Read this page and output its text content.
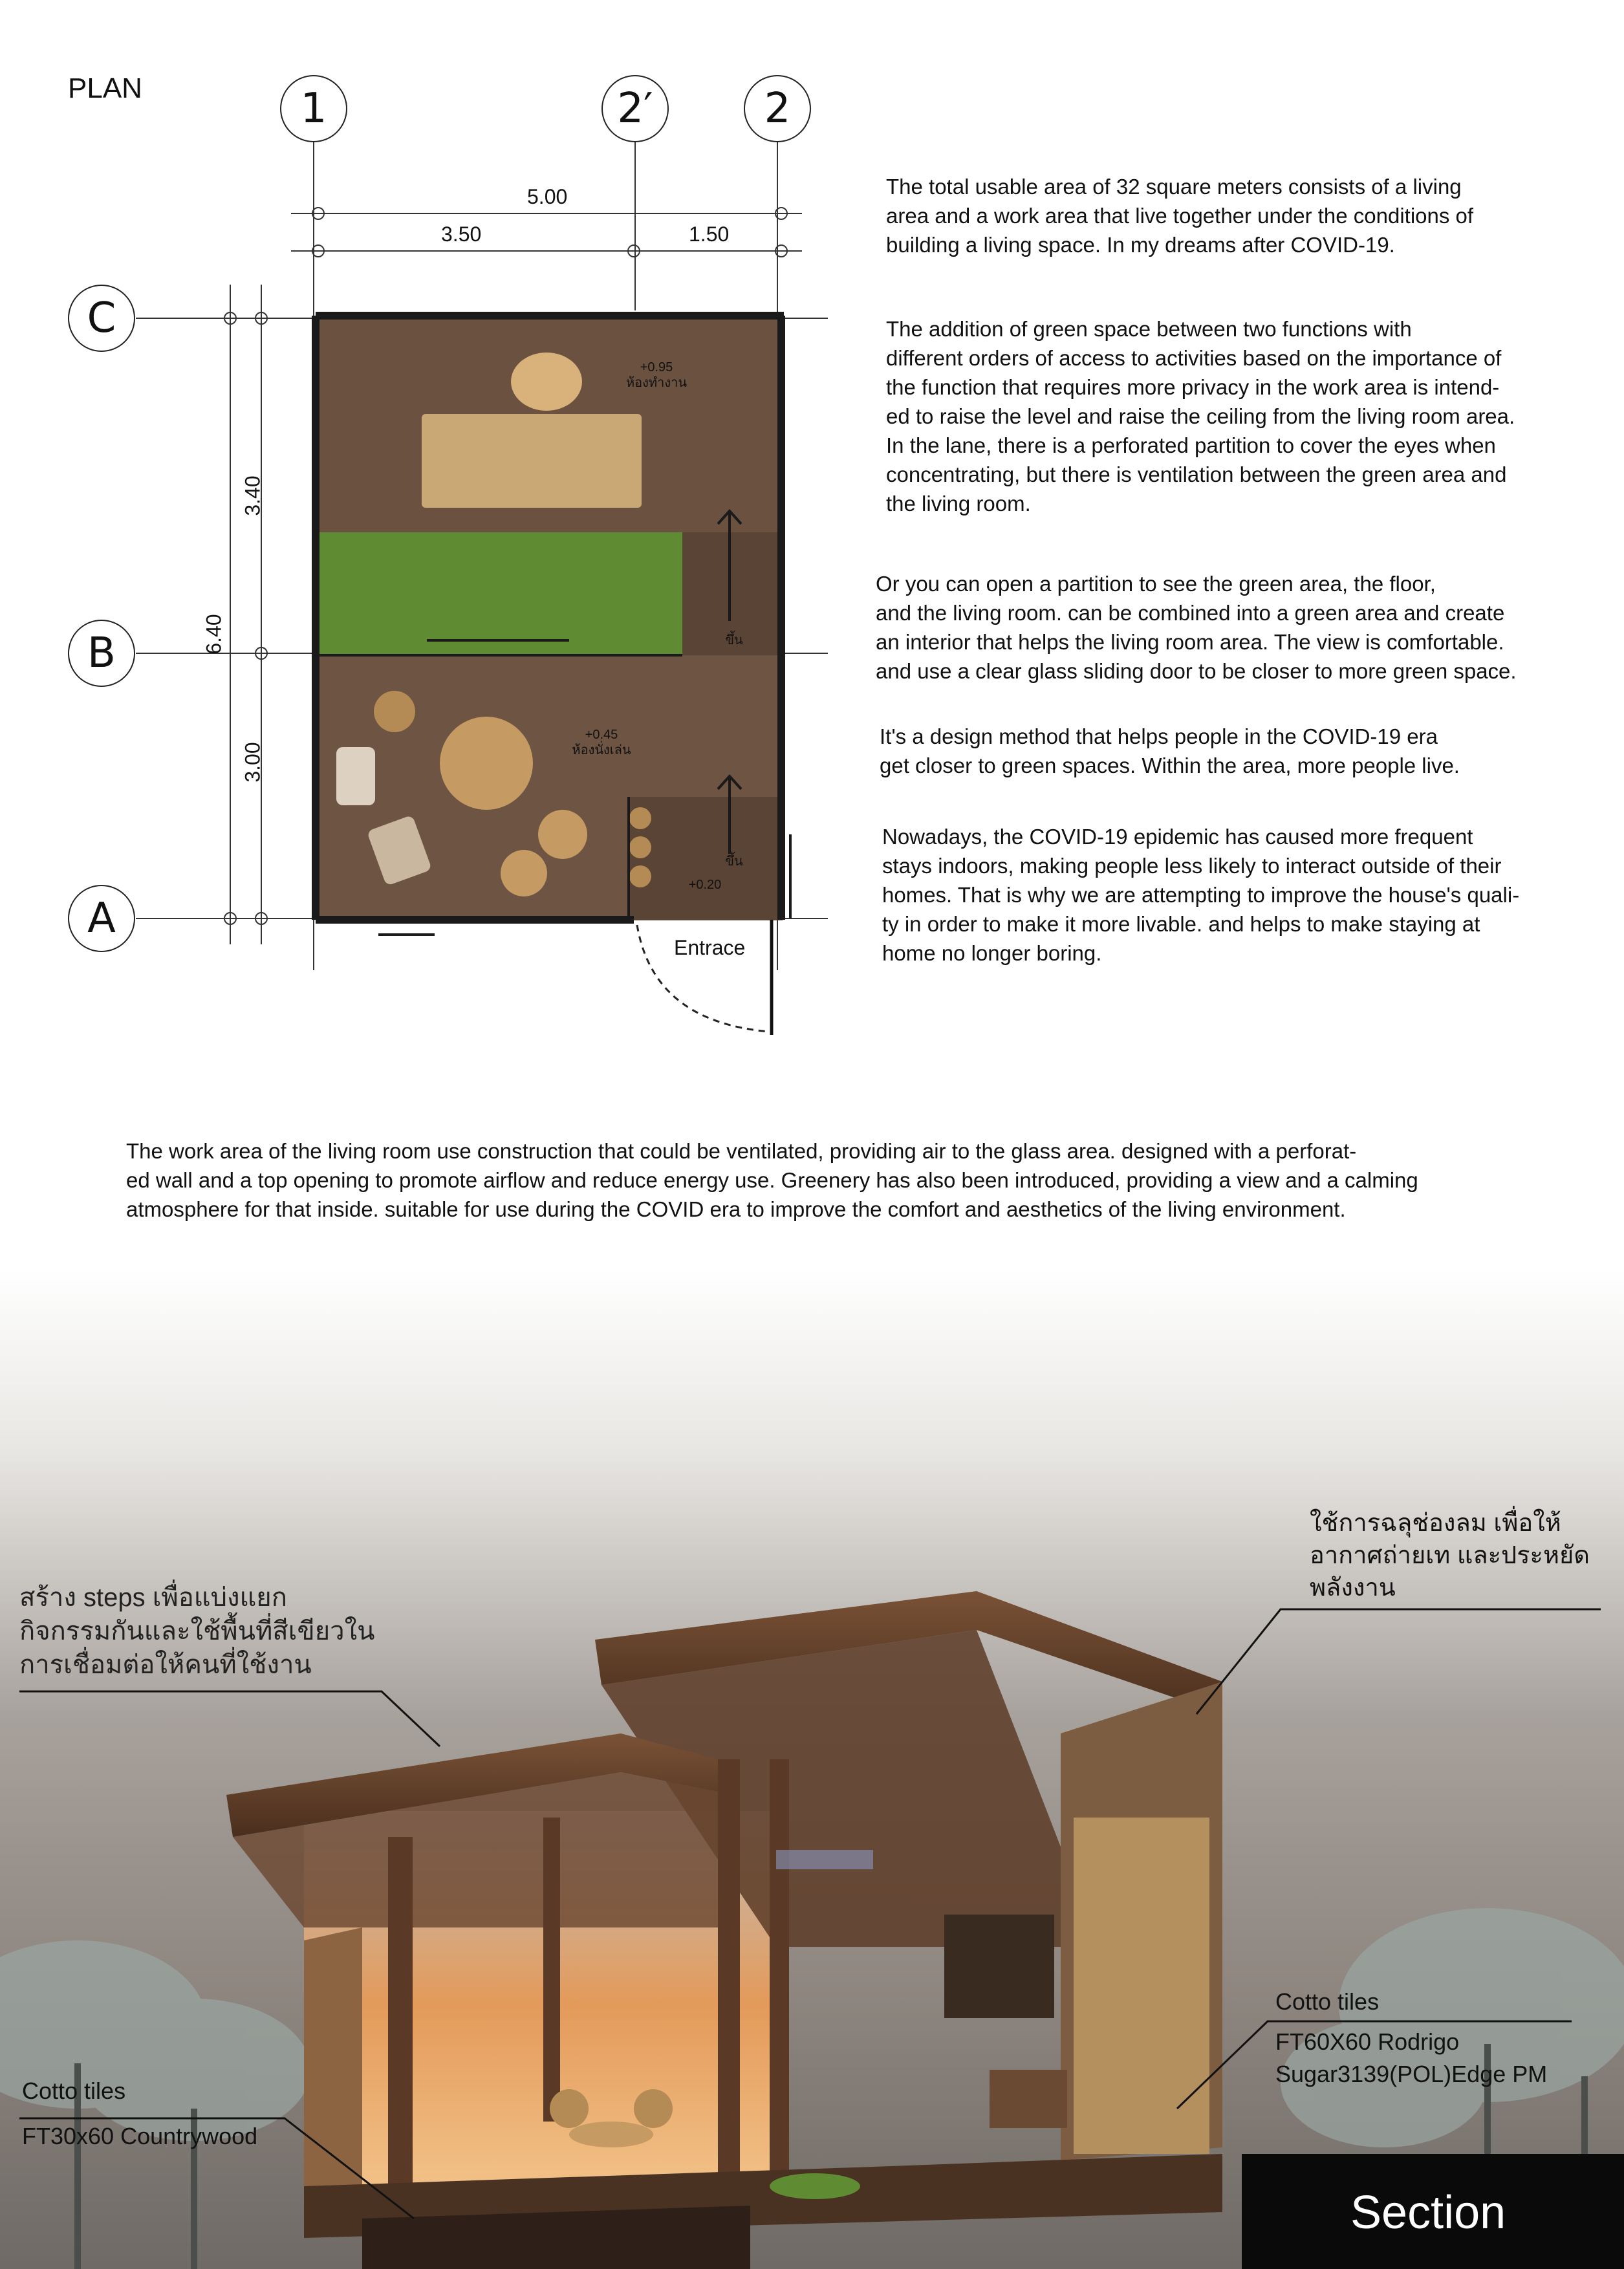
PLAN	1	2′	2
C
B
A
5.00
3.50	1.50
6.40
3.40
3.00
+0.95
ห้องทำงาน
+0.45
ห้องนั่งเล่น
+0.20
ขึ้น
ขึ้น
Entrace
The total usable area of 32 square meters consists of a living
area and a work area that live together under the conditions of
building a living space. In my dreams after COVID-19.
The addition of green space between two functions with
different orders of access to activities based on the importance of
the function that requires more privacy in the work area is intend-
ed to raise the level and raise the ceiling from the living room area.
In the lane, there is a perforated partition to cover the eyes when
concentrating, but there is ventilation between the green area and
the living room.
Or you can open a partition to see the green area, the floor,
and the living room. can be combined into a green area and create
an interior that helps the living room area. The view is comfortable.
and use a clear glass sliding door to be closer to more green space.
It's a design method that helps people in the COVID-19 era
get closer to green spaces. Within the area, more people live.
Nowadays, the COVID-19 epidemic has caused more frequent
stays indoors, making people less likely to interact outside of their
homes. That is why we are attempting to improve the house's quali-
ty in order to make it more livable. and helps to make staying at
home no longer boring.
The work area of the living room use construction that could be ventilated, providing air to the glass area. designed with a perforat-
ed wall and a top opening to promote airflow and reduce energy use. Greenery has also been introduced, providing a view and a calming
atmosphere for that inside. suitable for use during the COVID era to improve the comfort and aesthetics of the living environment.
สร้าง steps เพื่อแบ่งแยก
กิจกรรมกันและใช้พื้นที่สีเขียวใน
การเชื่อมต่อให้คนที่ใช้งาน
ใช้การฉลุช่องลม เพื่อให้
อากาศถ่ายเท และประหยัด
พลังงาน
Cotto tiles
FT30x60 Countrywood
Cotto tiles
FT60X60 Rodrigo
Sugar3139(POL)Edge PM
Section
